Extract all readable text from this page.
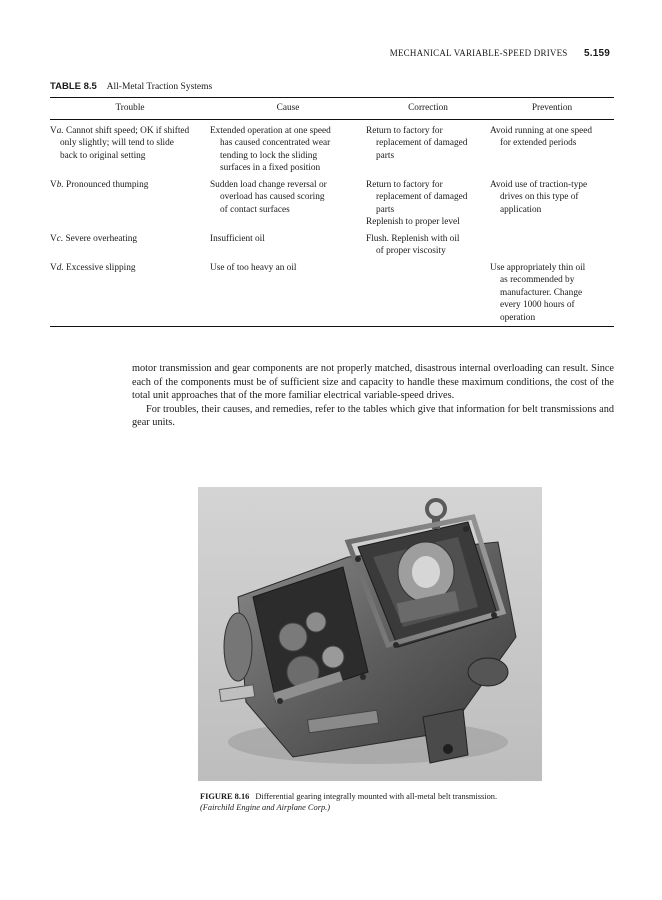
MECHANICAL VARIABLE-SPEED DRIVES 5.159
TABLE 8.5 All-Metal Traction Systems
Trouble	Cause	Correction	Prevention

Va. Cannot shift speed; OK if shifted
only slightly; will tend to slide
back to original setting	Extended operation at one speed
has caused concentrated wear
tending to lock the sliding
surfaces in a fixed position	Return to factory for
replacement of damaged
parts	Avoid running at one speed
for extended periods

Vb. Pronounced thumping	Sudden load change reversal or
overload has caused scoring
of contact surfaces	Return to factory for
replacement of damaged
parts
Replenish to proper level	Avoid use of traction-type
drives on this type of
application

Vc. Severe overheating	Insufficient oil	Flush. Replenish with oil
of proper viscosity	

Vd. Excessive slipping	Use of too heavy an oil		Use appropriately thin oil
as recommended by
manufacturer. Change
every 1000 hours of
operation

motor transmission and gear components are not properly matched, disastrous internal overloading can result. Since each of the components must be of sufficient size and capacity to handle these maximum conditions, the cost of the total unit approaches that of the more familiar electrical variable-speed drives.

For troubles, their causes, and remedies, refer to the tables which give that information for belt transmissions and gear units.

FIGURE 8.16 Differential gearing integrally mounted with all-metal belt transmission.
(Fairchild Engine and Airplane Corp.)
